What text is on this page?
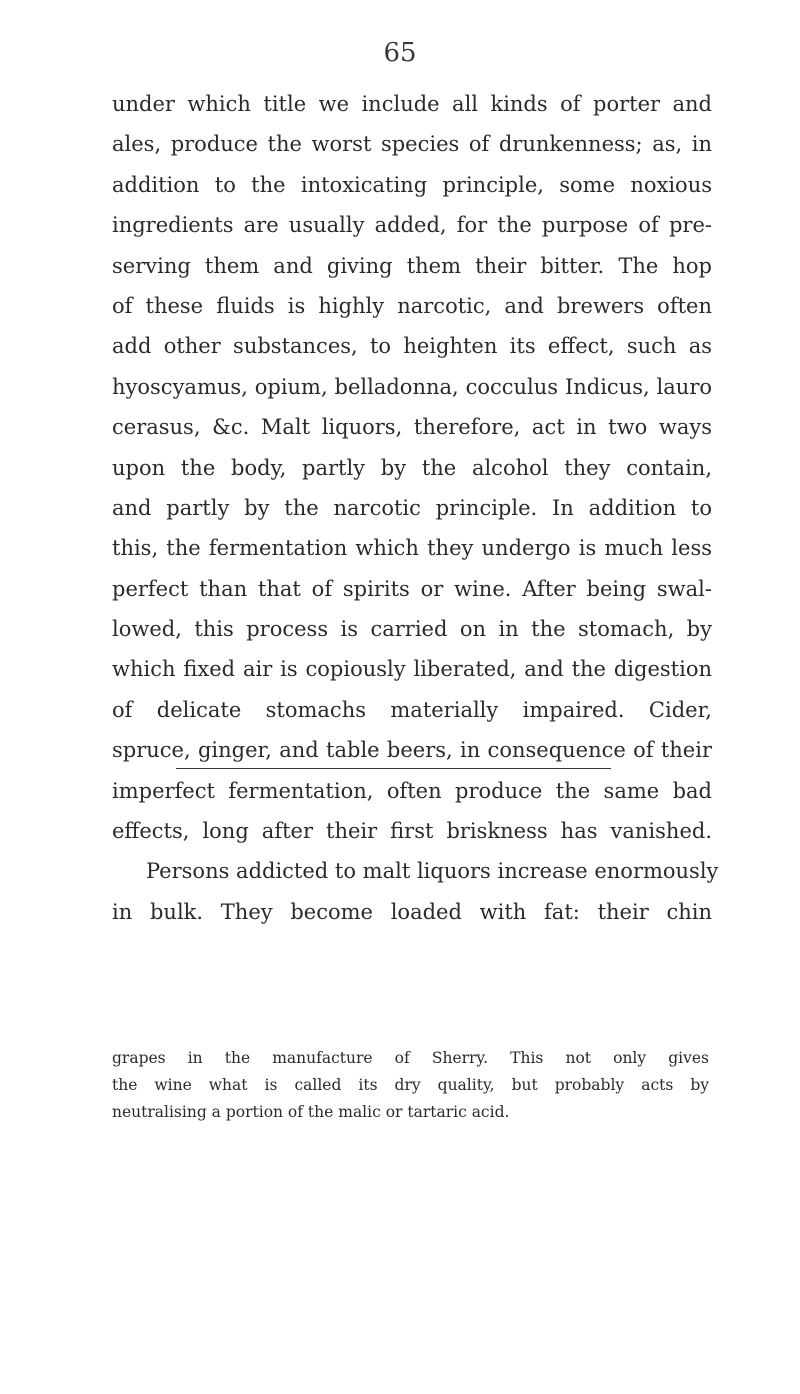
65
under which title we include all kinds of porter and
ales, produce the worst species of drunkenness; as, in
addition to the intoxicating principle, some noxious
ingredients are usually added, for the purpose of pre-
serving them and giving them their bitter. The hop
of these fluids is highly narcotic, and brewers often
add other substances, to heighten its effect, such as
hyoscyamus, opium, belladonna, cocculus Indicus, lauro
cerasus, &c. Malt liquors, therefore, act in two ways
upon the body, partly by the alcohol they contain,
and partly by the narcotic principle. In addition to
this, the fermentation which they undergo is much less
perfect than that of spirits or wine. After being swal-
lowed, this process is carried on in the stomach, by
which fixed air is copiously liberated, and the digestion
of delicate stomachs materially impaired. Cider,
spruce, ginger, and table beers, in consequence of their
imperfect fermentation, often produce the same bad
effects, long after their first briskness has vanished.
Persons addicted to malt liquors increase enormously
in bulk. They become loaded with fat: their chin
grapes in the manufacture of Sherry. This not only gives
the wine what is called its dry quality, but probably acts by
neutralising a portion of the malic or tartaric acid.
